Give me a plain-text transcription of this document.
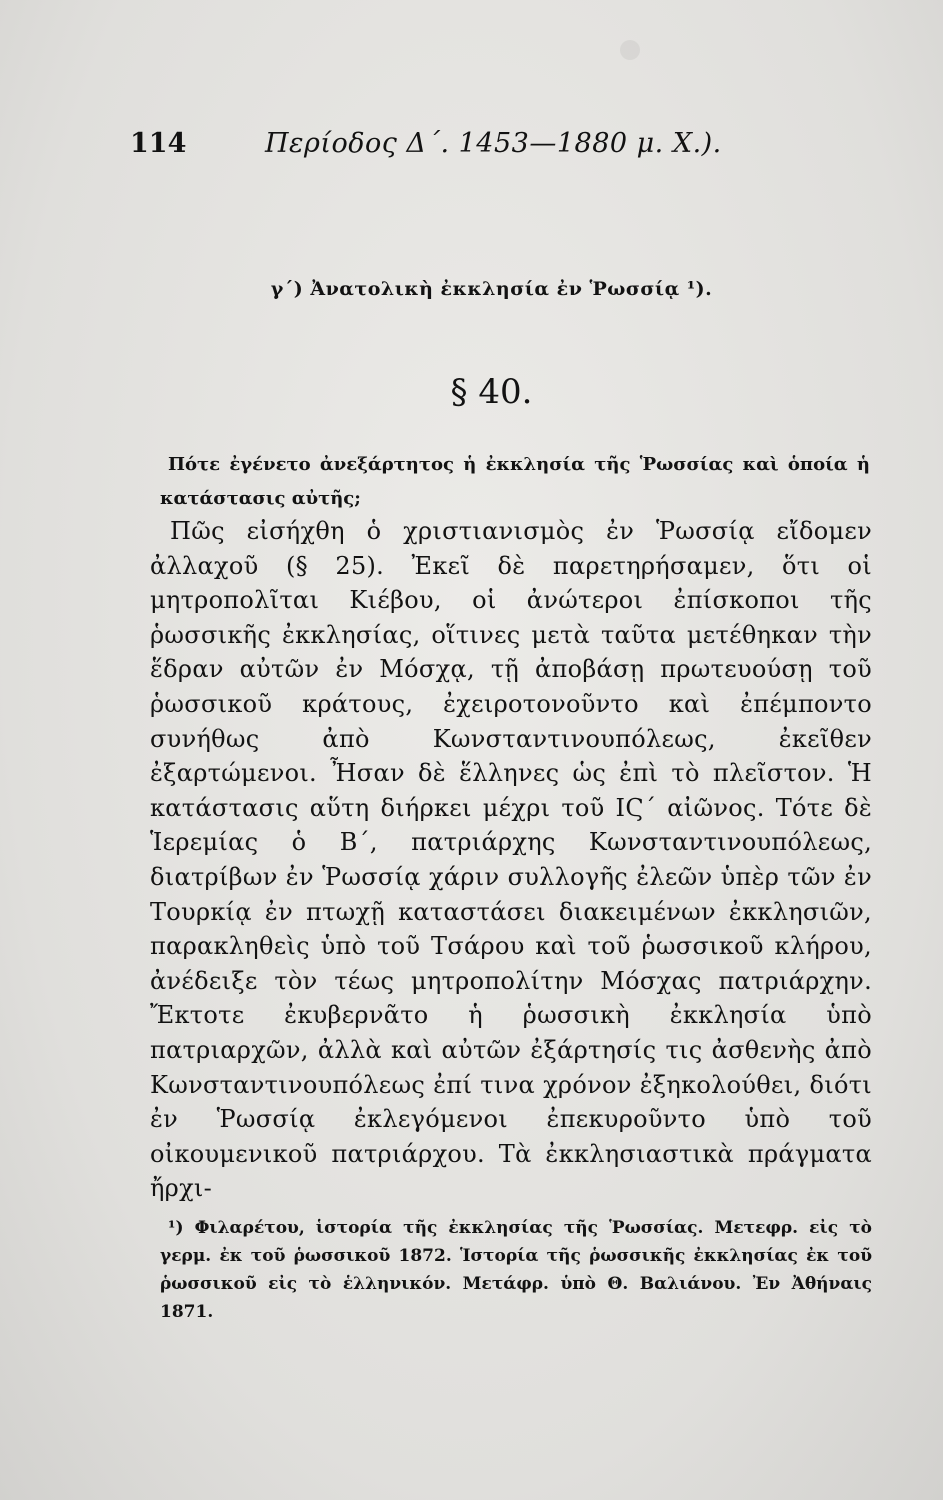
114	Περίοδος Δ΄. 1453—1880 μ. Χ.).
γ΄) Ἀνατολικὴ ἐκκλησία ἐν Ῥωσσίᾳ ¹).
§ 40.
Πότε ἐγένετο ἀνεξάρτητος ἡ ἐκκλησία τῆς Ῥωσσίας καὶ ὁποία ἡ κατάστασις αὐτῆς;
Πῶς εἰσήχθη ὁ χριστιανισμὸς ἐν Ῥωσσίᾳ εἴδομεν ἀλλαχοῦ (§ 25). Ἐκεῖ δὲ παρετηρήσαμεν, ὅτι οἱ μητροπολῖται Κιέβου, οἱ ἀνώτεροι ἐπίσκοποι τῆς ῥωσσικῆς ἐκκλησίας, οἵτινες μετὰ ταῦτα μετέθηκαν τὴν ἕδραν αὐτῶν ἐν Μόσχᾳ, τῇ ἀποβάσῃ πρωτευούσῃ τοῦ ῥωσσικοῦ κράτους, ἐχειροτονοῦντο καὶ ἐπέμποντο συνήθως ἀπὸ Κωνσταντινουπόλεως, ἐκεῖθεν ἐξαρτώμενοι. Ἦσαν δὲ ἕλληνες ὡς ἐπὶ τὸ πλεῖστον. Ἡ κατάστασις αὕτη διήρκει μέχρι τοῦ ΙϚ΄ αἰῶνος. Τότε δὲ Ἱερεμίας ὁ Β΄, πατριάρχης Κωνσταντινουπόλεως, διατρίβων ἐν Ῥωσσίᾳ χάριν συλλογῆς ἐλεῶν ὑπὲρ τῶν ἐν Τουρκίᾳ ἐν πτωχῇ καταστάσει διακειμένων ἐκκλησιῶν, παρακληθεὶς ὑπὸ τοῦ Τσάρου καὶ τοῦ ῥωσσικοῦ κλήρου, ἀνέδειξε τὸν τέως μητροπολίτην Μόσχας πατριάρχην. Ἔκτοτε ἐκυβερνᾶτο ἡ ῥωσσικὴ ἐκκλησία ὑπὸ πατριαρχῶν, ἀλλὰ καὶ αὐτῶν ἐξάρτησίς τις ἀσθενὴς ἀπὸ Κωνσταντινουπόλεως ἐπί τινα χρόνον ἐξηκολούθει, διότι ἐν Ῥωσσίᾳ ἐκλεγόμενοι ἐπεκυροῦντο ὑπὸ τοῦ οἰκουμενικοῦ πατριάρχου. Τὰ ἐκκλησιαστικὰ πράγματα ἤρχι-
¹) Φιλαρέτου, ἱστορία τῆς ἐκκλησίας τῆς Ῥωσσίας. Μετεφρ. εἰς τὸ γερμ. ἐκ τοῦ ῥωσσικοῦ 1872. Ἱστορία τῆς ῥωσσικῆς ἐκκλησίας ἐκ τοῦ ῥωσσικοῦ εἰς τὸ ἑλληνικόν. Μετάφρ. ὑπὸ Θ. Βαλιάνου. Ἐν Ἀθήναις 1871.
